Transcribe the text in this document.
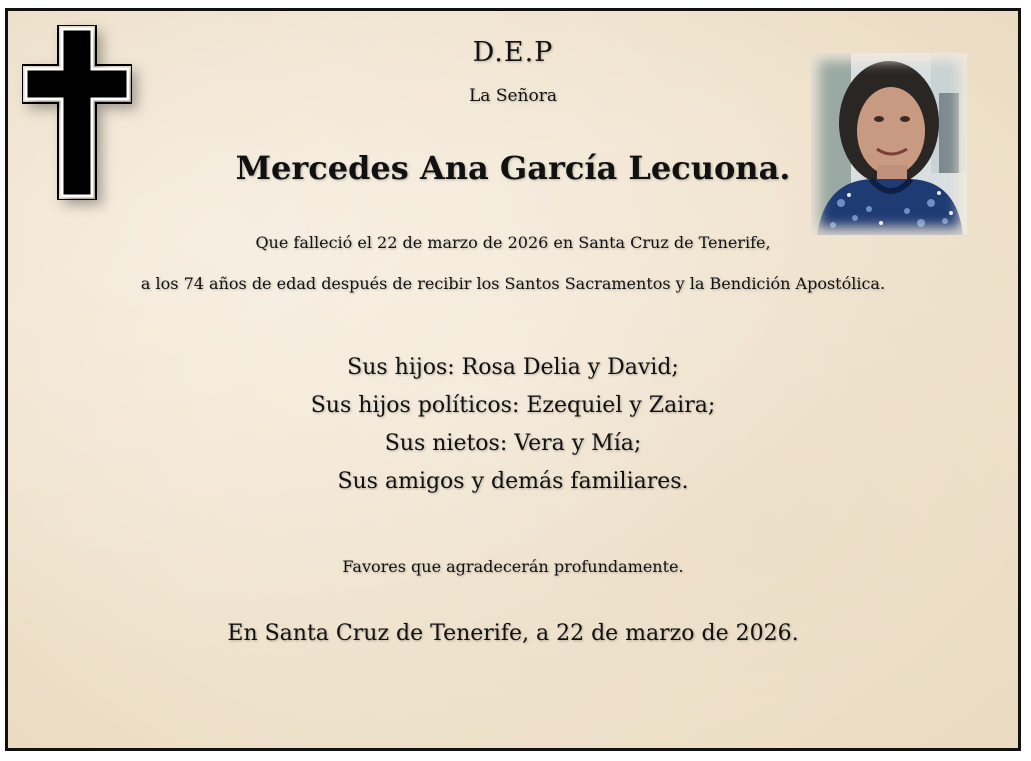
D.E.P
La Señora
Mercedes Ana García Lecuona.
Que falleció el 22 de marzo de 2026 en Santa Cruz de Tenerife,
a los 74 años de edad después de recibir los Santos Sacramentos y la Bendición Apostólica.
Sus hijos: Rosa Delia y David;
Sus hijos políticos: Ezequiel y Zaira;
Sus nietos: Vera y Mía;
Sus amigos y demás familiares.
Favores que agradecerán profundamente.
En Santa Cruz de Tenerife, a 22 de marzo de 2026.
